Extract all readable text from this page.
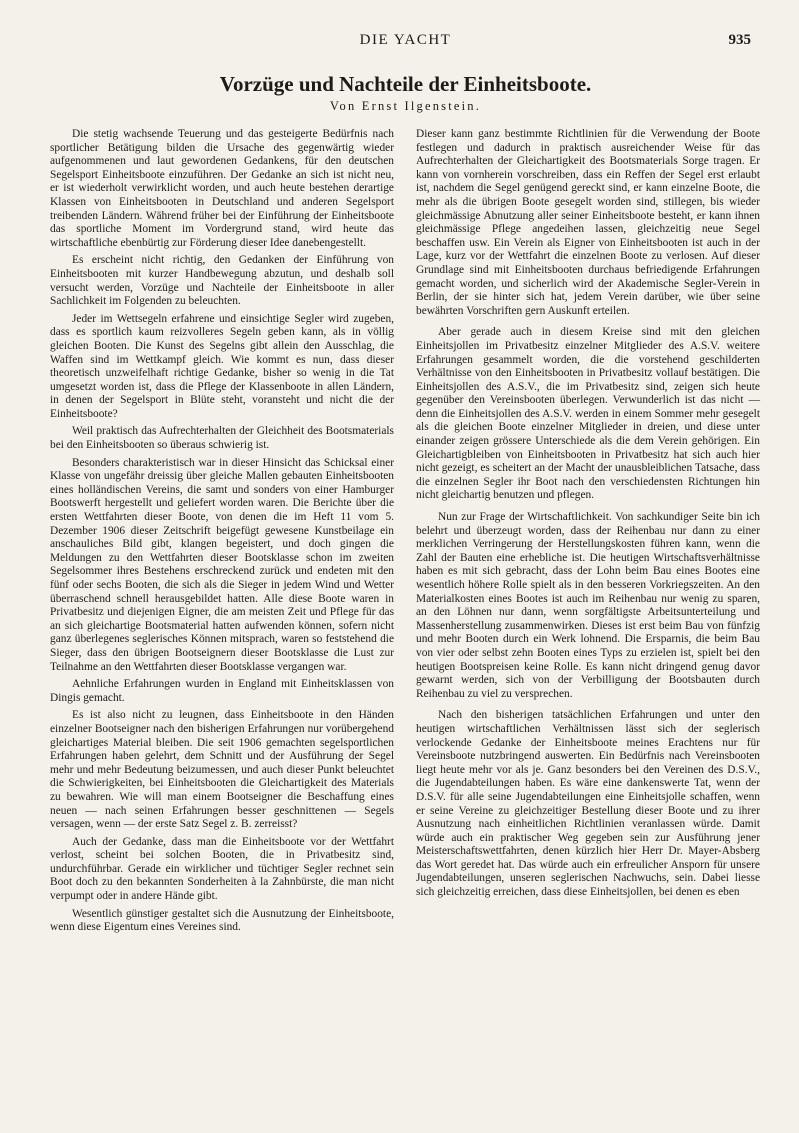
DIE YACHT	935
Vorzüge und Nachteile der Einheitsboote.
Von Ernst Ilgenstein.

Die stetig wachsende Teuerung und das gesteigerte Bedürfnis nach sportlicher Betätigung bilden die Ursache des gegenwärtig wieder aufgenommenen und laut gewordenen Gedankens, für den deutschen Segelsport Einheitsboote einzuführen. Der Gedanke an sich ist nicht neu, er ist wiederholt verwirklicht worden, und auch heute bestehen derartige Klassen von Einheitsbooten in Deutschland und anderen Segelsport treibenden Ländern. Während früher bei der Einführung der Einheitsboote das sportliche Moment im Vordergrund stand, wird heute das wirtschaftliche ebenbürtig zur Förderung dieser Idee danebengestellt.

Es erscheint nicht richtig, den Gedanken der Einführung von Einheitsbooten mit kurzer Handbewegung abzutun, und deshalb soll versucht werden, Vorzüge und Nachteile der Einheitsboote in aller Sachlichkeit im Folgenden zu beleuchten.

Jeder im Wettsegeln erfahrene und einsichtige Segler wird zugeben, dass es sportlich kaum reizvolleres Segeln geben kann, als in völlig gleichen Booten. Die Kunst des Segelns gibt allein den Ausschlag, die Waffen sind im Wettkampf gleich. Wie kommt es nun, dass dieser theoretisch unzweifelhaft richtige Gedanke, bisher so wenig in die Tat umgesetzt worden ist, dass die Pflege der Klassenboote in allen Ländern, in denen der Segelsport in Blüte steht, voransteht und nicht die der Einheitsboote?

Weil praktisch das Aufrechterhalten der Gleichheit des Bootsmaterials bei den Einheitsbooten so überaus schwierig ist.

Besonders charakteristisch war in dieser Hinsicht das Schicksal einer Klasse von ungefähr dreissig über gleiche Mallen gebauten Einheitsbooten eines holländischen Vereins, die samt und sonders von einer Hamburger Bootswerft hergestellt und geliefert worden waren. Die Berichte über die ersten Wettfahrten dieser Boote, von denen die im Heft 11 vom 5. Dezember 1906 dieser Zeitschrift beigefügt gewesene Kunstbeilage ein anschauliches Bild gibt, klangen begeistert, und doch gingen die Meldungen zu den Wettfahrten dieser Bootsklasse schon im zweiten Segelsommer ihres Bestehens erschreckend zurück und endeten mit den fünf oder sechs Booten, die sich als die Sieger in jedem Wind und Wetter überraschend schnell herausgebildet hatten. Alle diese Boote waren in Privatbesitz und diejenigen Eigner, die am meisten Zeit und Pflege für das an sich gleichartige Bootsmaterial hatten aufwenden können, sofern nicht ganz überlegenes seglerisches Können mitsprach, waren so feststehend die Sieger, dass den übrigen Bootseignern dieser Bootsklasse die Lust zur Teilnahme an den Wettfahrten dieser Bootsklasse vergangen war.

Aehnliche Erfahrungen wurden in England mit Einheitsklassen von Dingis gemacht.

Es ist also nicht zu leugnen, dass Einheitsboote in den Händen einzelner Bootseigner nach den bisherigen Erfahrungen nur vorübergehend gleichartiges Material bleiben. Die seit 1906 gemachten segelsportlichen Erfahrungen haben gelehrt, dem Schnitt und der Ausführung der Segel mehr und mehr Bedeutung beizumessen, und auch dieser Punkt beleuchtet die Schwierigkeiten, bei Einheitsbooten die Gleichartigkeit des Materials zu bewahren. Wie will man einem Bootseigner die Beschaffung eines neuen — nach seinen Erfahrungen besser geschnittenen — Segels versagen, wenn — der erste Satz Segel z. B. zerreisst?

Auch der Gedanke, dass man die Einheitsboote vor der Wettfahrt verlost, scheint bei solchen Booten, die in Privatbesitz sind, undurchführbar. Gerade ein wirklicher und tüchtiger Segler rechnet sein Boot doch zu den bekannten Sonderheiten à la Zahnbürste, die man nicht verpumpt oder in andere Hände gibt.

Wesentlich günstiger gestaltet sich die Ausnutzung der Einheitsboote, wenn diese Eigentum eines Vereines sind.

Dieser kann ganz bestimmte Richtlinien für die Verwendung der Boote festlegen und dadurch in praktisch ausreichender Weise für das Aufrechterhalten der Gleichartigkeit des Bootsmaterials Sorge tragen. Er kann von vornherein vorschreiben, dass ein Reffen der Segel erst erlaubt ist, nachdem die Segel genügend gereckt sind, er kann einzelne Boote, die mehr als die übrigen Boote gesegelt worden sind, stillegen, bis wieder gleichmässige Abnutzung aller seiner Einheitsboote besteht, er kann ihnen gleichmässige Pflege angedeihen lassen, gleichzeitig neue Segel beschaffen usw. Ein Verein als Eigner von Einheitsbooten ist auch in der Lage, kurz vor der Wettfahrt die einzelnen Boote zu verlosen. Auf dieser Grundlage sind mit Einheitsbooten durchaus befriedigende Erfahrungen gemacht worden, und sicherlich wird der Akademische Segler-Verein in Berlin, der sie hinter sich hat, jedem Verein darüber, wie über seine bewährten Vorschriften gern Auskunft erteilen.

Aber gerade auch in diesem Kreise sind mit den gleichen Einheitsjollen im Privatbesitz einzelner Mitglieder des A.S.V. weitere Erfahrungen gesammelt worden, die die vorstehend geschilderten Verhältnisse von den Einheitsbooten in Privatbesitz vollauf bestätigen. Die Einheitsjollen des A.S.V., die im Privatbesitz sind, zeigen sich heute gegenüber den Vereinsbooten überlegen. Verwunderlich ist das nicht — denn die Einheitsjollen des A.S.V. werden in einem Sommer mehr gesegelt als die gleichen Boote einzelner Mitglieder in dreien, und diese unter einander zeigen grössere Unterschiede als die dem Verein gehörigen. Ein Gleichartigbleiben von Einheitsbooten in Privatbesitz hat sich auch hier nicht gezeigt, es scheitert an der Macht der unausbleiblichen Tatsache, dass die einzelnen Segler ihr Boot nach den verschiedensten Richtungen hin nicht gleichartig benutzen und pflegen.

Nun zur Frage der Wirtschaftlichkeit. Von sachkundiger Seite bin ich belehrt und überzeugt worden, dass der Reihenbau nur dann zu einer merklichen Verringerung der Herstellungskosten führen kann, wenn die Zahl der Bauten eine erhebliche ist. Die heutigen Wirtschaftsverhältnisse haben es mit sich gebracht, dass der Lohn beim Bau eines Bootes eine wesentlich höhere Rolle spielt als in den besseren Vorkriegszeiten. An den Materialkosten eines Bootes ist auch im Reihenbau nur wenig zu sparen, an den Löhnen nur dann, wenn sorgfältigste Arbeitsunterteilung und Massenherstellung zusammenwirken. Dieses ist erst beim Bau von fünfzig und mehr Booten durch ein Werk lohnend. Die Ersparnis, die beim Bau von vier oder selbst zehn Booten eines Typs zu erzielen ist, spielt bei den heutigen Bootspreisen keine Rolle. Es kann nicht dringend genug davor gewarnt werden, sich von der Verbilligung der Bootsbauten durch Reihenbau zu viel zu versprechen.

Nach den bisherigen tatsächlichen Erfahrungen und unter den heutigen wirtschaftlichen Verhältnissen lässt sich der seglerisch verlockende Gedanke der Einheitsboote meines Erachtens nur für Vereinsboote nutzbringend auswerten. Ein Bedürfnis nach Vereinsbooten liegt heute mehr vor als je. Ganz besonders bei den Vereinen des D.S.V., die Jugendabteilungen haben. Es wäre eine dankenswerte Tat, wenn der D.S.V. für alle seine Jugendabteilungen eine Einheitsjolle schaffen, wenn er seine Vereine zu gleichzeitiger Bestellung dieser Boote und zu ihrer Ausnutzung nach einheitlichen Richtlinien veranlassen würde. Damit würde auch ein praktischer Weg gegeben sein zur Ausführung jener Meisterschaftswettfahrten, denen kürzlich hier Herr Dr. Mayer-Absberg das Wort geredet hat. Das würde auch ein erfreulicher Ansporn für unsere Jugendabteilungen, unseren seglerischen Nachwuchs, sein. Dabei liesse sich gleichzeitig erreichen, dass diese Einheitsjollen, bei denen es eben
